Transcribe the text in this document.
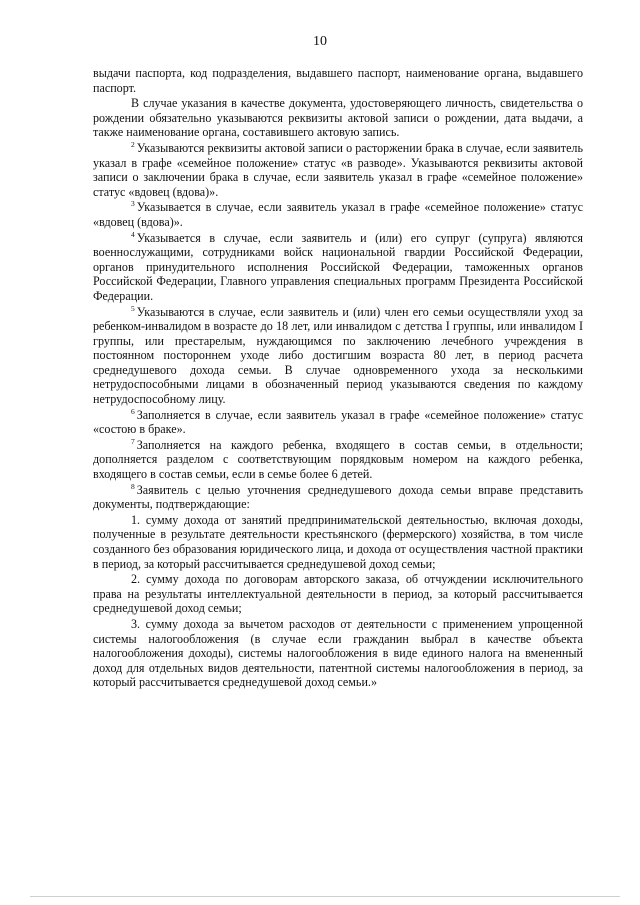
10

выдачи паспорта, код подразделения, выдавшего паспорт, наименование органа, выдавшего паспорт.

В случае указания в качестве документа, удостоверяющего личность, свидетельства о рождении обязательно указываются реквизиты актовой записи о рождении, дата выдачи, а также наименование органа, составившего актовую запись.

$^2$ Указываются реквизиты актовой записи о расторжении брака в случае, если заявитель указал в графе «семейное положение» статус «в разводе». Указываются реквизиты актовой записи о заключении брака в случае, если заявитель указал в графе «семейное положение» статус «вдовец (вдова)».

$^3$ Указывается в случае, если заявитель указал в графе «семейное положение» статус «вдовец (вдова)».

$^4$ Указывается в случае, если заявитель и (или) его супруг (супруга) являются военнослужащими, сотрудниками войск национальной гвардии Российской Федерации, органов принудительного исполнения Российской Федерации, таможенных органов Российской Федерации, Главного управления специальных программ Президента Российской Федерации.

$^5$ Указываются в случае, если заявитель и (или) член его семьи осуществляли уход за ребенком-инвалидом в возрасте до 18 лет, или инвалидом с детства I группы, или инвалидом I группы, или престарелым, нуждающимся по заключению лечебного учреждения в постоянном постороннем уходе либо достигшим возраста 80 лет, в период расчета среднедушевого дохода семьи. В случае одновременного ухода за несколькими нетрудоспособными лицами в обозначенный период указываются сведения по каждому нетрудоспособному лицу.

$^6$ Заполняется в случае, если заявитель указал в графе «семейное положение» статус «состою в браке».

$^7$ Заполняется на каждого ребенка, входящего в состав семьи, в отдельности; дополняется разделом с соответствующим порядковым номером на каждого ребенка, входящего в состав семьи, если в семье более 6 детей.

$^8$ Заявитель с целью уточнения среднедушевого дохода семьи вправе представить документы, подтверждающие:

1. сумму дохода от занятий предпринимательской деятельностью, включая доходы, полученные в результате деятельности крестьянского (фермерского) хозяйства, в том числе созданного без образования юридического лица, и дохода от осуществления частной практики в период, за который рассчитывается среднедушевой доход семьи;

2. сумму дохода по договорам авторского заказа, об отчуждении исключительного права на результаты интеллектуальной деятельности в период, за который рассчитывается среднедушевой доход семьи;

3. сумму дохода за вычетом расходов от деятельности с применением упрощенной системы налогообложения (в случае если гражданин выбрал в качестве объекта налогообложения доходы), системы налогообложения в виде единого налога на вмененный доход для отдельных видов деятельности, патентной системы налогообложения в период, за который рассчитывается среднедушевой доход семьи.»
